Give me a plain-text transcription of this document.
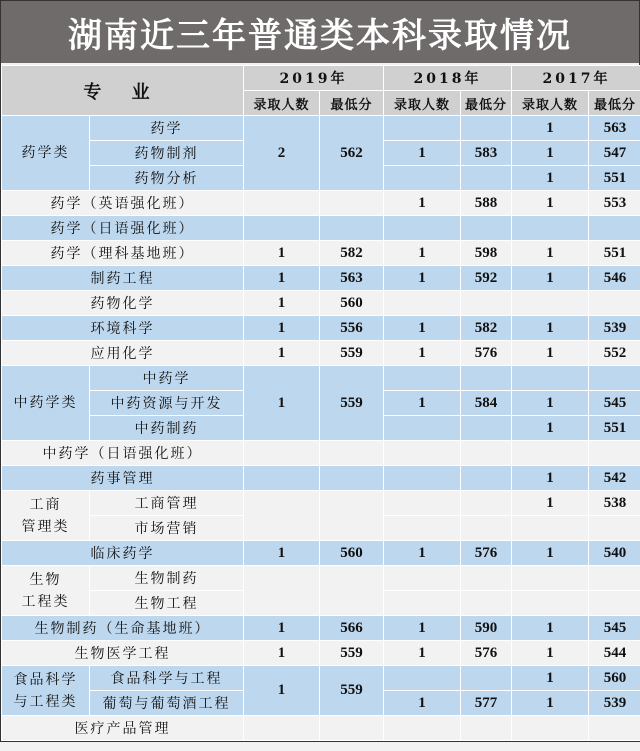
湖南近三年普通类本科录取情况
专 业		2019年		2018年		2017年	
		录取人数	最低分	录取人数	最低分	录取人数	最低分
药学类	药学	2	562			1	563
	药物制剂			1	583	1	547
	药物分析					1	551
药学（英语强化班）				1	588	1	553
药学（日语强化班）							
药学（理科基地班）		1	582	1	598	1	551
制药工程		1	563	1	592	1	546
药物化学		1	560				
环境科学		1	556	1	582	1	539
应用化学		1	559	1	576	1	552
中药学类	中药学	1	559				
	中药资源与开发			1	584	1	545
	中药制药					1	551
中药学（日语强化班）							
药事管理						1	542
工商
管理类	工商管理					1	538
	市场营销						
临床药学		1	560	1	576	1	540
生物
工程类	生物制药						
	生物工程						
生物制药（生命基地班）		1	566	1	590	1	545
生物医学工程		1	559	1	576	1	544
食品科学
与工程类	食品科学与工程	1	559			1	560
	葡萄与葡萄酒工程			1	577	1	539
医疗产品管理							
